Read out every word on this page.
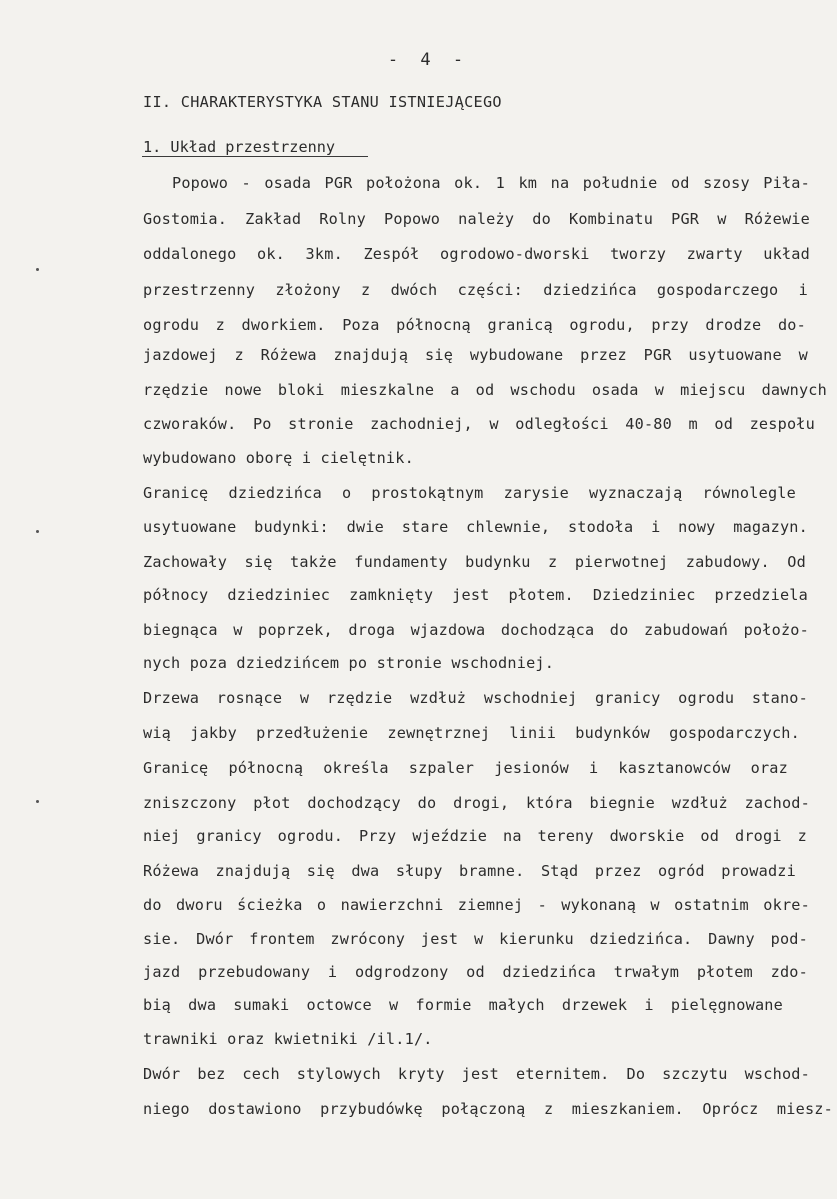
- 4 -
II. CHARAKTERYSTYKA STANU ISTNIEJĄCEGO
1. Układ przestrzenny
Popowo - osada PGR położona ok. 1 km na południe od szosy Piła-
Gostomia. Zakład Rolny Popowo należy do Kombinatu PGR w Różewie
oddalonego ok. 3km. Zespół ogrodowo-dworski tworzy zwarty układ
przestrzenny złożony z dwóch części: dziedzińca gospodarczego i
ogrodu z dworkiem. Poza północną granicą ogrodu, przy drodze do-
jazdowej z Różewa znajdują się wybudowane przez PGR usytuowane w
rzędzie nowe bloki mieszkalne a od wschodu osada w miejscu dawnych
czworaków. Po stronie zachodniej, w odległości 40-80 m od zespołu
wybudowano oborę i cielętnik.
Granicę dziedzińca o prostokątnym zarysie wyznaczają równolegle
usytuowane budynki: dwie stare chlewnie, stodoła i nowy magazyn.
Zachowały się także fundamenty budynku z pierwotnej zabudowy. Od
północy dziedziniec zamknięty jest płotem. Dziedziniec przedziela
biegnąca w poprzek, droga wjazdowa dochodząca do zabudowań położo-
nych poza dziedzińcem po stronie wschodniej.
Drzewa rosnące w rzędzie wzdłuż wschodniej granicy ogrodu stano-
wią jakby przedłużenie zewnętrznej linii budynków gospodarczych.
Granicę północną określa szpaler jesionów i kasztanowców oraz
zniszczony płot dochodzący do drogi, która biegnie wzdłuż zachod-
niej granicy ogrodu. Przy wjeździe na tereny dworskie od drogi z
Różewa znajdują się dwa słupy bramne. Stąd przez ogród prowadzi
do dworu ścieżka o nawierzchni ziemnej - wykonaną w ostatnim okre-
sie. Dwór frontem zwrócony jest w kierunku dziedzińca. Dawny pod-
jazd przebudowany i odgrodzony od dziedzińca trwałym płotem zdo-
bią dwa sumaki octowce w formie małych drzewek i pielęgnowane
trawniki oraz kwietniki /il.1/.
Dwór bez cech stylowych kryty jest eternitem. Do szczytu wschod-
niego dostawiono przybudówkę połączoną z mieszkaniem. Oprócz miesz-
